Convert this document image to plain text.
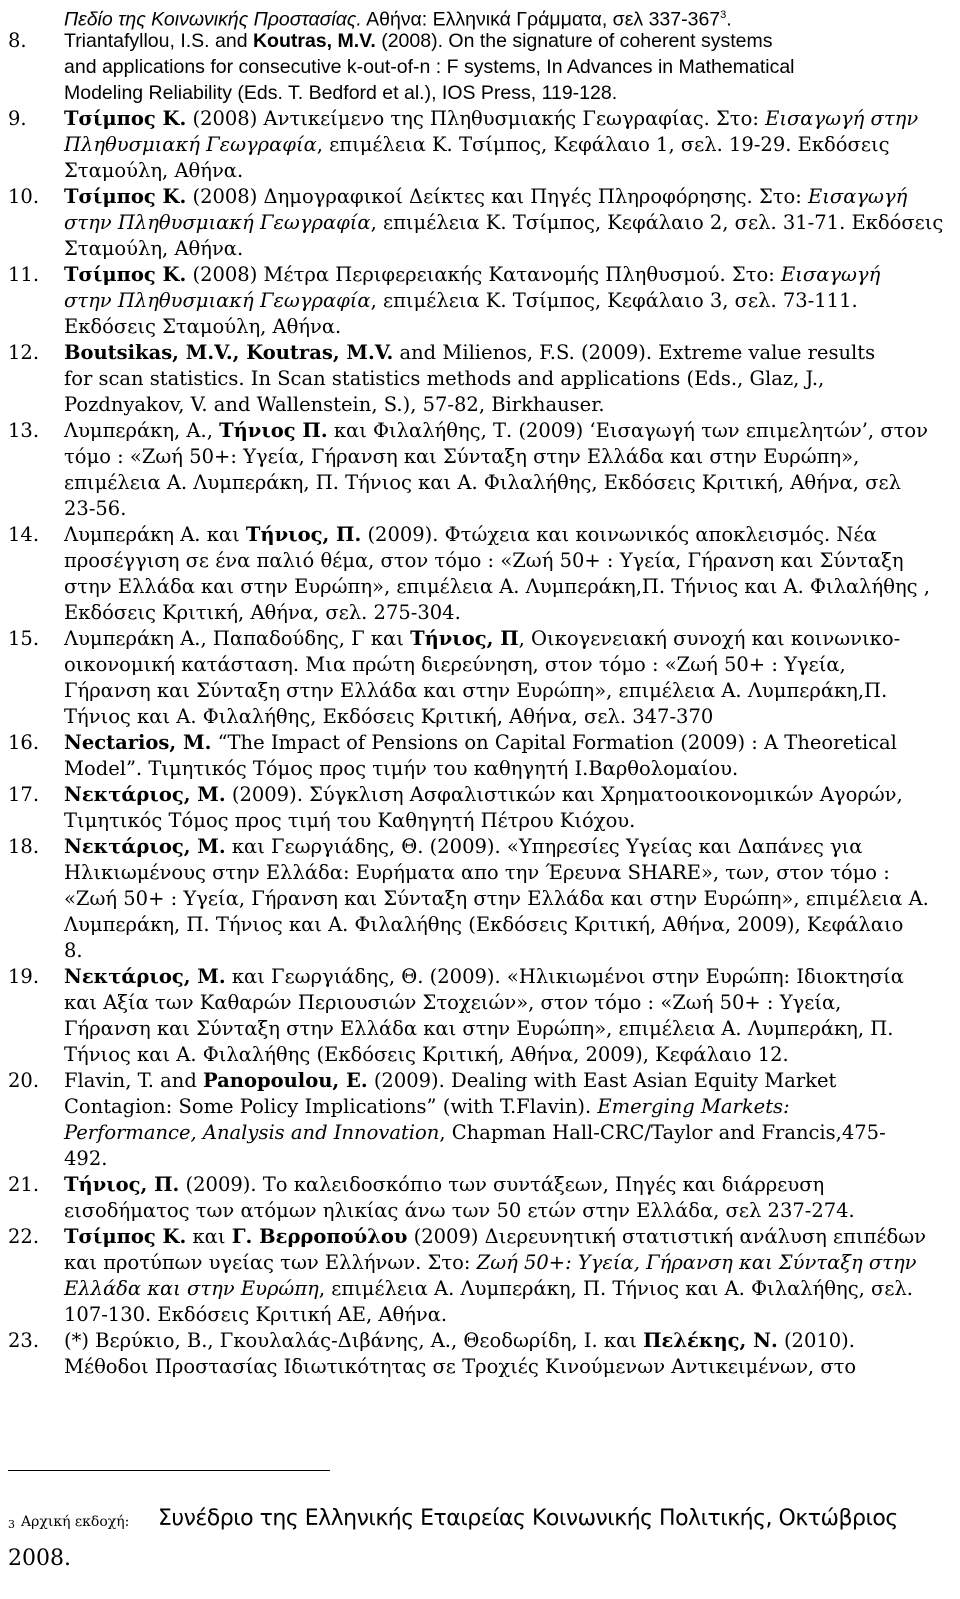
Πεδίο της Κοινωνικής Προστασίας. Αθήνα: Ελληνικά Γράμματα, σελ $337-367^3$.
8. Triantafyllou, I.S. and Koutras, M.V. (2008). On the signature of coherent systems
and applications for consecutive k-out-of-n : F systems, In Advances in Mathematical
Modeling Reliability (Eds. T. Bedford et al.), IOS Press, 119-128.
9. Τσίμπος Κ. (2008) Αντικείμενο της Πληθυσμιακής Γεωγραφίας. Στο: Εισαγωγή στην
Πληθυσμιακή Γεωγραφία, επιμέλεια Κ. Τσίμπος, Κεφάλαιο 1, σελ. 19-29. Εκδόσεις
Σταμούλη, Αθήνα.
10. Τσίμπος Κ. (2008) Δημογραφικοί Δείκτες και Πηγές Πληροφόρησης. Στο: Εισαγωγή
στην Πληθυσμιακή Γεωγραφία, επιμέλεια Κ. Τσίμπος, Κεφάλαιο 2, σελ. 31-71. Εκδόσεις
Σταμούλη, Αθήνα.
11. Τσίμπος Κ. (2008) Μέτρα Περιφερειακής Κατανομής Πληθυσμού. Στο: Εισαγωγή
στην Πληθυσμιακή Γεωγραφία, επιμέλεια Κ. Τσίμπος, Κεφάλαιο 3, σελ. 73-111.
Εκδόσεις Σταμούλη, Αθήνα.
12. Boutsikas, M.V., Koutras, M.V. and Milienos, F.S. (2009). Extreme value results
for scan statistics. In Scan statistics methods and applications (Eds., Glaz, J.,
Pozdnyakov, V. and Wallenstein, S.), 57-82, Birkhauser.
13. Λυμπεράκη, Α., Τήνιος Π. και Φιλαλήθης, Τ. (2009) ‘Εισαγωγή των επιμελητών’, στον
τόμο : «Ζωή 50+: Υγεία, Γήρανση και Σύνταξη στην Ελλάδα και στην Ευρώπη»,
επιμέλεια Α. Λυμπεράκη, Π. Τήνιος και Α. Φιλαλήθης, Εκδόσεις Κριτική, Αθήνα, σελ
23-56.
14. Λυμπεράκη Α. και Τήνιος, Π. (2009). Φτώχεια και κοινωνικός αποκλεισμός. Νέα
προσέγγιση σε ένα παλιό θέμα, στον τόμο : «Ζωή 50+ : Υγεία, Γήρανση και Σύνταξη
στην Ελλάδα και στην Ευρώπη», επιμέλεια Α. Λυμπεράκη,Π. Τήνιος και Α. Φιλαλήθης ,
Εκδόσεις Κριτική, Αθήνα, σελ. 275-304.
15. Λυμπεράκη Α., Παπαδούδης, Γ και Τήνιος, Π, Οικογενειακή συνοχή και κοινωνικο-
οικονομική κατάσταση. Μια πρώτη διερεύνηση, στον τόμο : «Ζωή 50+ : Υγεία,
Γήρανση και Σύνταξη στην Ελλάδα και στην Ευρώπη», επιμέλεια Α. Λυμπεράκη,Π.
Τήνιος και Α. Φιλαλήθης, Εκδόσεις Κριτική, Αθήνα, σελ. 347-370
16. Nectarios, M. “The Impact of Pensions on Capital Formation (2009) : A Theoretical
Model”. Τιμητικός Τόμος προς τιμήν του καθηγητή Ι.Βαρθολομαίου.
17. Νεκτάριος, Μ. (2009). Σύγκλιση Ασφαλιστικών και Χρηματοοικονομικών Αγορών,
Τιμητικός Τόμος προς τιμή του Καθηγητή Πέτρου Κιόχου.
18. Νεκτάριος, Μ. και Γεωργιάδης, Θ. (2009). «Υπηρεσίες Υγείας και Δαπάνες για
Ηλικιωμένους στην Ελλάδα: Ευρήματα απο την Έρευνα SHARE», των, στον τόμο :
«Ζωή 50+ : Υγεία, Γήρανση και Σύνταξη στην Ελλάδα και στην Ευρώπη», επιμέλεια Α.
Λυμπεράκη, Π. Τήνιος και Α. Φιλαλήθης (Εκδόσεις Κριτική, Αθήνα, 2009), Κεφάλαιο
8.
19. Νεκτάριος, Μ. και Γεωργιάδης, Θ. (2009). «Ηλικιωμένοι στην Ευρώπη: Ιδιοκτησία
και Αξία των Καθαρών Περιουσιών Στοχειών», στον τόμο : «Ζωή 50+ : Υγεία,
Γήρανση και Σύνταξη στην Ελλάδα και στην Ευρώπη», επιμέλεια Α. Λυμπεράκη, Π.
Τήνιος και Α. Φιλαλήθης (Εκδόσεις Κριτική, Αθήνα, 2009), Κεφάλαιο 12.
20. Flavin, T. and Panopoulou, E. (2009). Dealing with East Asian Equity Market
Contagion: Some Policy Implications” (with T.Flavin). Emerging Markets:
Performance, Analysis and Innovation, Chapman Hall-CRC/Taylor and Francis,475-
492.
21. Τήνιος, Π. (2009). Το καλειδοσκόπιο των συντάξεων, Πηγές και διάρρευση
εισοδήματος των ατόμων ηλικίας άνω των 50 ετών στην Ελλάδα, σελ 237-274.
22. Τσίμπος Κ. και Γ. Βερροπούλου (2009) Διερευνητική στατιστική ανάλυση επιπέδων
και προτύπων υγείας των Ελλήνων. Στο: Ζωή 50+: Υγεία, Γήρανση και Σύνταξη στην
Ελλάδα και στην Ευρώπη, επιμέλεια Α. Λυμπεράκη, Π. Τήνιος και Α. Φιλαλήθης, σελ.
107-130. Εκδόσεις Κριτική ΑΕ, Αθήνα.
23. (*) Βερύκιο, Β., Γκουλαλάς-Διβάνης, Α., Θεοδωρίδη, Ι. και Πελέκης, Ν. (2010).
Μέθοδοι Προστασίας Ιδιωτικότητας σε Τροχιές Κινούμενων Αντικειμένων, στο

3

Αρχική εκδοχή:

Συνέδριο της Ελληνικής Εταιρείας Κοινωνικής Πολιτικής, Οκτώβριος

2008.
